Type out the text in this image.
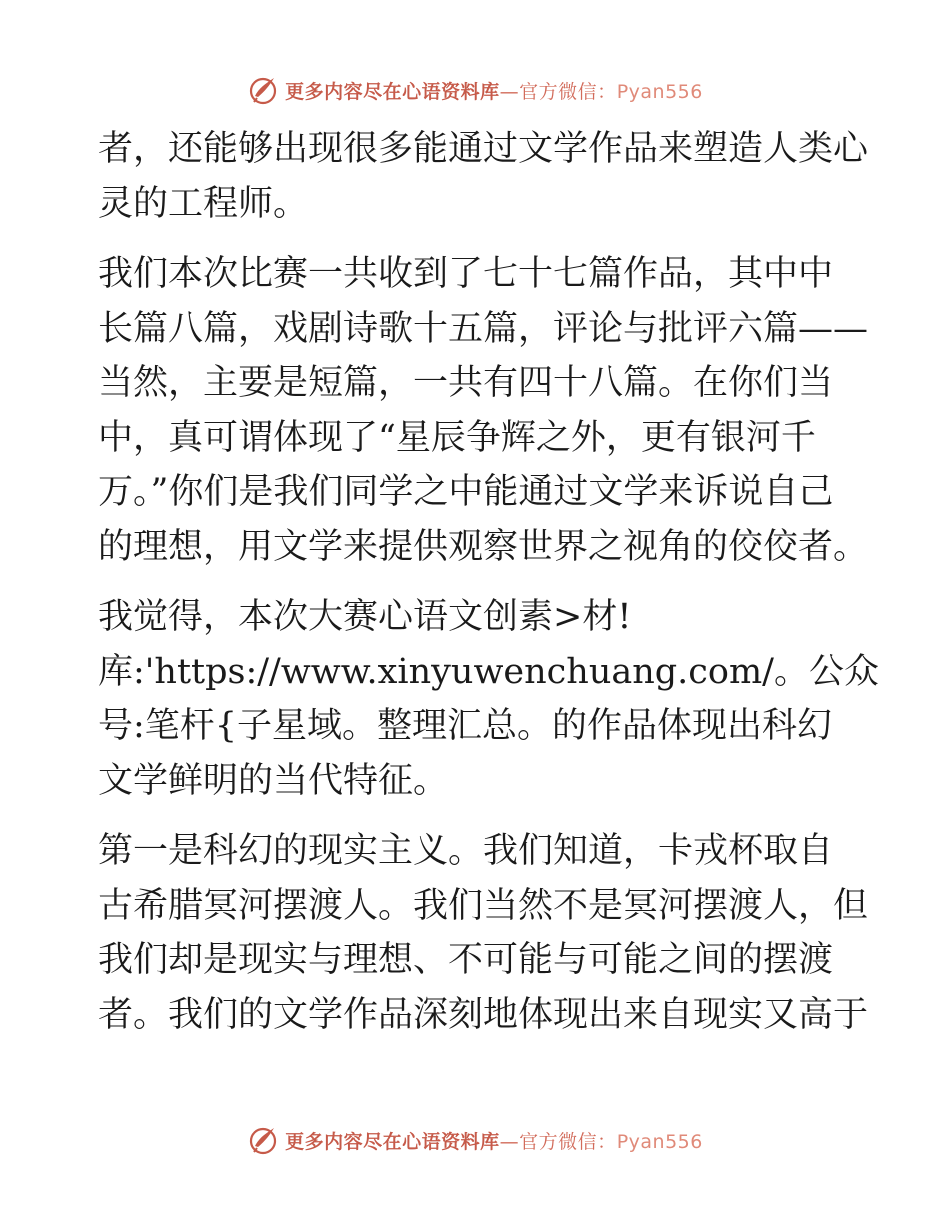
更多内容尽在心语资料库—官方微信：Pyan556

者，还能够出现很多能通过文学作品来塑造人类心
灵的工程师。

我们本次比赛一共收到了七十七篇作品，其中中
长篇八篇，戏剧诗歌十五篇，评论与批评六篇——
当然，主要是短篇，一共有四十八篇。在你们当
中，真可谓体现了“星辰争辉之外，更有银河千
万。”你们是我们同学之中能通过文学来诉说自己
的理想，用文学来提供观察世界之视角的佼佼者。

我觉得，本次大赛心语文创素>材!
库:'https://www.xinyuwenchuang.com/。公众
号:笔杆{子星域。整理汇总。的作品体现出科幻
文学鲜明的当代特征。

第一是科幻的现实主义。我们知道，卡戎杯取自
古希腊冥河摆渡人。我们当然不是冥河摆渡人，但
我们却是现实与理想、不可能与可能之间的摆渡
者。我们的文学作品深刻地体现出来自现实又高于

更多内容尽在心语资料库—官方微信：Pyan556
